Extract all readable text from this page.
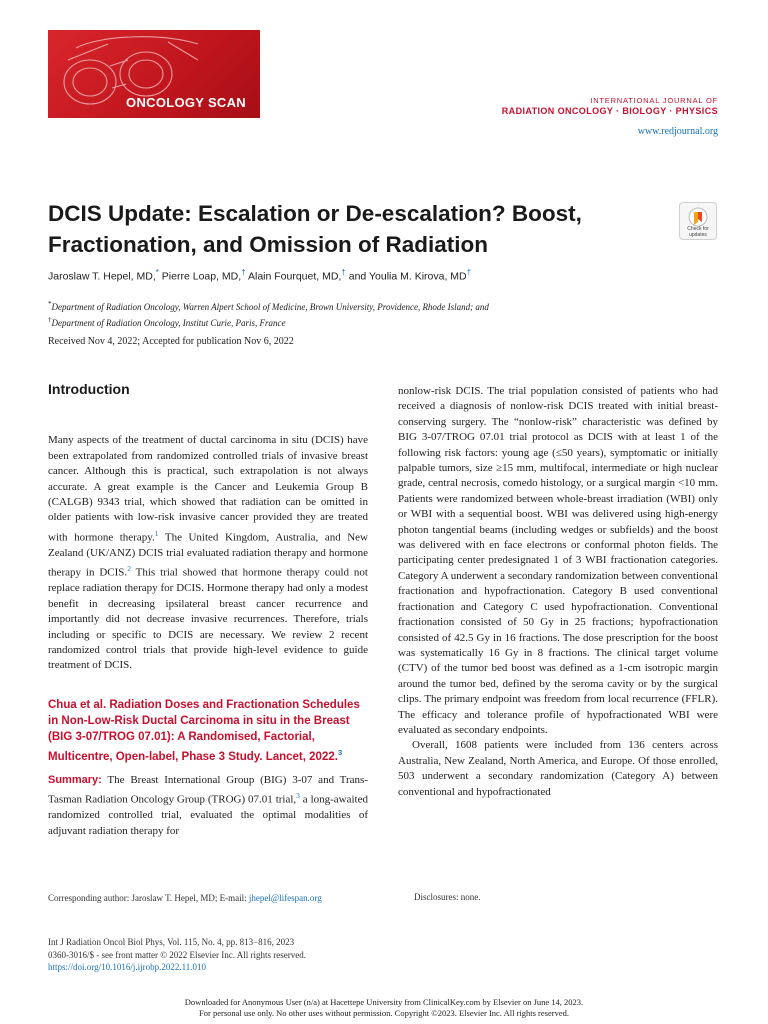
ONCOLOGY SCAN	INTERNATIONAL JOURNAL OF
RADIATION ONCOLOGY · BIOLOGY · PHYSICS
www.redjournal.org
DCIS Update: Escalation or De-escalation? Boost, Fractionation, and Omission of Radiation
Check for
updates
Jaroslaw T. Hepel, MD,* Pierre Loap, MD,† Alain Fourquet, MD,† and Youlia M. Kirova, MD†
*Department of Radiation Oncology, Warren Alpert School of Medicine, Brown University, Providence, Rhode Island; and
†Department of Radiation Oncology, Institut Curie, Paris, France
Received Nov 4, 2022; Accepted for publication Nov 6, 2022
Introduction

Many aspects of the treatment of ductal carcinoma in situ (DCIS) have been extrapolated from randomized controlled trials of invasive breast cancer. Although this is practical, such extrapolation is not always accurate. A great example is the Cancer and Leukemia Group B (CALGB) 9343 trial, which showed that radiation can be omitted in older patients with low-risk invasive cancer provided they are treated with hormone therapy.$^1$ The United Kingdom, Australia, and New Zealand (UK/ANZ) DCIS trial evaluated radiation therapy and hormone therapy in DCIS.$^2$ This trial showed that hormone therapy could not replace radiation therapy for DCIS. Hormone therapy had only a modest benefit in decreasing ipsilateral breast cancer recurrence and importantly did not decrease invasive recurrences. Therefore, trials including or specific to DCIS are necessary. We review 2 recent randomized control trials that provide high-level evidence to guide treatment of DCIS.

Chua et al. Radiation Doses and Fractionation Schedules in Non-Low-Risk Ductal Carcinoma in situ in the Breast (BIG 3-07/TROG 07.01): A Randomised, Factorial, Multicentre, Open-label, Phase 3 Study. Lancet, 2022.$^3$

Summary: The Breast International Group (BIG) 3-07 and Trans-Tasman Radiation Oncology Group (TROG) 07.01 trial,$^3$ a long-awaited randomized controlled trial, evaluated the optimal modalities of adjuvant radiation therapy for

nonlow-risk DCIS. The trial population consisted of patients who had received a diagnosis of nonlow-risk DCIS treated with initial breast-conserving surgery. The “nonlow-risk” characteristic was defined by BIG 3-07/TROG 07.01 trial protocol as DCIS with at least 1 of the following risk factors: young age (≤50 years), symptomatic or initially palpable tumors, size ≥15 mm, multifocal, intermediate or high nuclear grade, central necrosis, comedo histology, or a surgical margin <10 mm. Patients were randomized between whole-breast irradiation (WBI) only or WBI with a sequential boost. WBI was delivered using high-energy photon tangential beams (including wedges or subfields) and the boost was delivered with en face electrons or conformal photon fields. The participating center predesignated 1 of 3 WBI fractionation categories. Category A underwent a secondary randomization between conventional fractionation and hypofractionation. Category B used conventional fractionation and Category C used hypofractionation. Conventional fractionation consisted of 50 Gy in 25 fractions; hypofractionation consisted of 42.5 Gy in 16 fractions. The dose prescription for the boost was systematically 16 Gy in 8 fractions. The clinical target volume (CTV) of the tumor bed boost was defined as a 1-cm isotropic margin around the tumor bed, defined by the seroma cavity or by the surgical clips. The primary endpoint was freedom from local recurrence (FFLR). The efficacy and tolerance profile of hypofractionated WBI were evaluated as secondary endpoints.

Overall, 1608 patients were included from 136 centers across Australia, New Zealand, North America, and Europe. Of those enrolled, 503 underwent a secondary randomization (Category A) between conventional and hypofractionated

Corresponding author: Jaroslaw T. Hepel, MD; E-mail: jhepel@lifespan.org	Disclosures: none.
Int J Radiation Oncol Biol Phys, Vol. 115, No. 4, pp. 813−816, 2023
0360-3016/$ - see front matter © 2022 Elsevier Inc. All rights reserved.
https://doi.org/10.1016/j.ijrobp.2022.11.010
Downloaded for Anonymous User (n/a) at Hacettepe University from ClinicalKey.com by Elsevier on June 14, 2023.
For personal use only. No other uses without permission. Copyright ©2023. Elsevier Inc. All rights reserved.
